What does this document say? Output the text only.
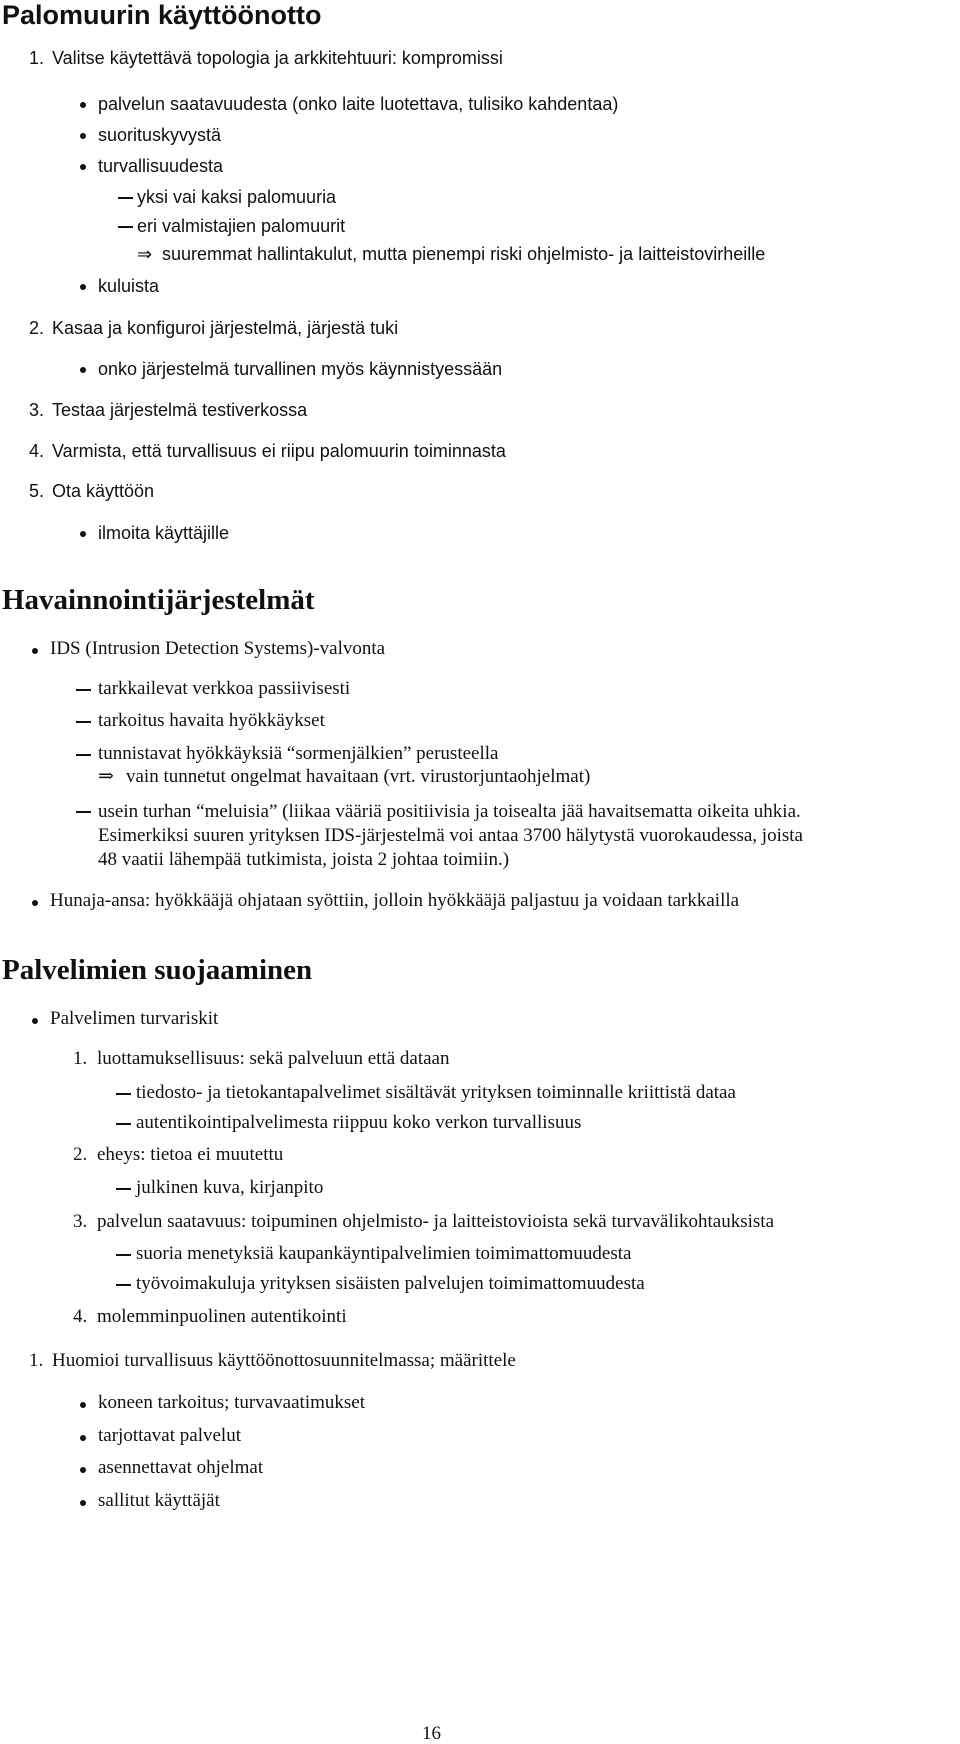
Palomuurin käyttöönotto
1. Valitse käytettävä topologia ja arkkitehtuuri: kompromissi
palvelun saatavuudesta (onko laite luotettava, tulisiko kahdentaa)
suorituskyvystä
turvallisuudesta
yksi vai kaksi palomuuria
eri valmistajien palomuurit
⇒ suuremmat hallintakulut, mutta pienempi riski ohjelmisto- ja laitteistovirheille
kuluista
2. Kasaa ja konfiguroi järjestelmä, järjestä tuki
onko järjestelmä turvallinen myös käynnistyessään
3. Testaa järjestelmä testiverkossa
4. Varmista, että turvallisuus ei riipu palomuurin toiminnasta
5. Ota käyttöön
ilmoita käyttäjille
Havainnointijärjestelmät
IDS (Intrusion Detection Systems)-valvonta
tarkkailevat verkkoa passiivisesti
tarkoitus havaita hyökkäykset
tunnistavat hyökkäyksiä “sormenjälkien” perusteella
⇒ vain tunnetut ongelmat havaitaan (vrt. virustorjuntaohjelmat)
usein turhan “meluisia” (liikaa vääriä positiivisia ja toisealta jää havaitsematta oikeita uhkia.
Esimerkiksi suuren yrityksen IDS-järjestelmä voi antaa 3700 hälytystä vuorokaudessa, joista
48 vaatii lähempää tutkimista, joista 2 johtaa toimiin.)
Hunaja-ansa: hyökkääjä ohjataan syöttiin, jolloin hyökkääjä paljastuu ja voidaan tarkkailla
Palvelimien suojaaminen
Palvelimen turvariskit
1. luottamuksellisuus: sekä palveluun että dataan
tiedosto- ja tietokantapalvelimet sisältävät yrityksen toiminnalle kriittistä dataa
autentikointipalvelimesta riippuu koko verkon turvallisuus
2. eheys: tietoa ei muutettu
julkinen kuva, kirjanpito
3. palvelun saatavuus: toipuminen ohjelmisto- ja laitteistovioista sekä turvavälikohtauksista
suoria menetyksiä kaupankäyntipalvelimien toimimattomuudesta
työvoimakuluja yrityksen sisäisten palvelujen toimimattomuudesta
4. molemminpuolinen autentikointi
1. Huomioi turvallisuus käyttöönottosuunnitelmassa; määrittele
koneen tarkoitus; turvavaatimukset
tarjottavat palvelut
asennettavat ohjelmat
sallitut käyttäjät
16
